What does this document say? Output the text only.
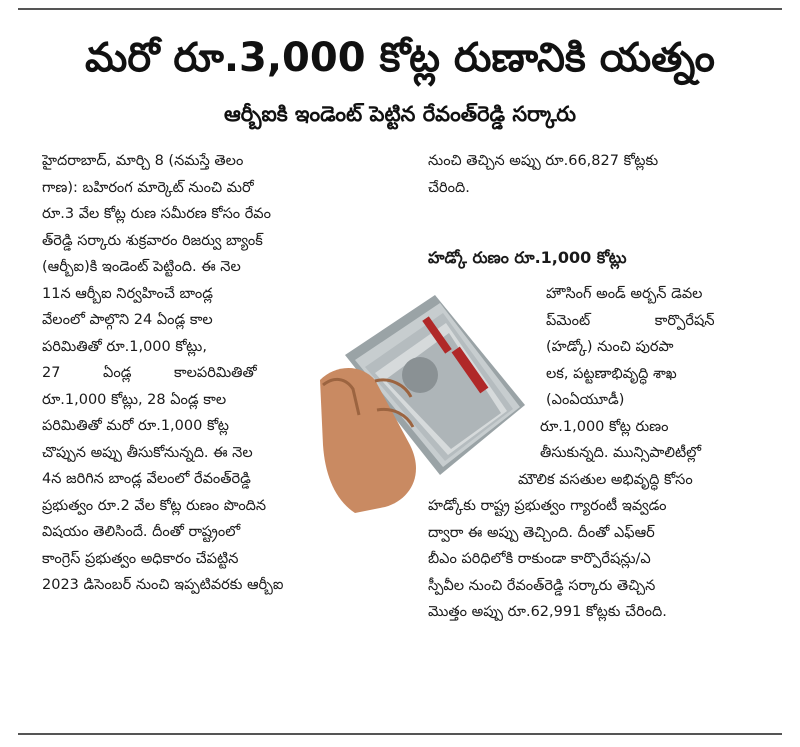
మరో రూ.3,000 కోట్ల రుణానికి యత్నం
ఆర్బీఐకి ఇండెంట్ పెట్టిన రేవంత్‌రెడ్డి సర్కారు
హైదరాబాద్, మార్చి 8 (నమస్తే తెలం
గాణ): బహిరంగ మార్కెట్ నుంచి మరో
రూ.3 వేల కోట్ల రుణ సమీరణ కోసం రేవం
త్‌రెడ్డి సర్కారు శుక్రవారం రిజర్వు బ్యాంక్
(ఆర్బీఐ)కి ఇండెంట్ పెట్టింది. ఈ నెల
11న ఆర్బీఐ నిర్వహించే బాండ్ల
వేలంలో పాల్గొని 24 ఏండ్ల కాల
పరిమితితో రూ.1,000 కోట్లు,
27 ఏండ్ల కాలపరిమితితో
రూ.1,000 కోట్లు, 28 ఏండ్ల కాల
పరిమితితో మరో రూ.1,000 కోట్ల
చొప్పున అప్పు తీసుకోనున్నది. ఈ నెల
4న జరిగిన బాండ్ల వేలంలో రేవంత్‌రెడ్డి
ప్రభుత్వం రూ.2 వేల కోట్ల రుణం పొందిన
విషయం తెలిసిందే. దీంతో రాష్ట్రంలో
కాంగ్రెస్ ప్రభుత్వం అధికారం చేపట్టిన
2023 డిసెంబర్ నుంచి ఇప్పటివరకు ఆర్బీఐ
నుంచి తెచ్చిన అప్పు రూ.66,827 కోట్లకు
చేరింది.
హడ్కో రుణం రూ.1,000 కోట్లు
హౌసింగ్ అండ్ అర్బన్ డెవల
ప్‌మెంట్ కార్పొరేషన్
(హడ్కో) నుంచి పురపా
లక, పట్టణాభివృద్ధి శాఖ
(ఎంఏయూడీ)
రూ.1,000 కోట్ల రుణం
తీసుకున్నది. మున్సిపాలిటీల్లో
మౌలిక వసతుల అభివృద్ధి కోసం
హడ్కోకు రాష్ట్ర ప్రభుత్వం గ్యారంటీ ఇవ్వడం
ద్వారా ఈ అప్పు తెచ్చింది. దీంతో ఎఫ్‌ఆర్
బీఎం పరిధిలోకి రాకుండా కార్పొరేషన్లు/ఎ
స్పీవీల నుంచి రేవంత్‌రెడ్డి సర్కారు తెచ్చిన
మొత్తం అప్పు రూ.62,991 కోట్లకు చేరింది.
